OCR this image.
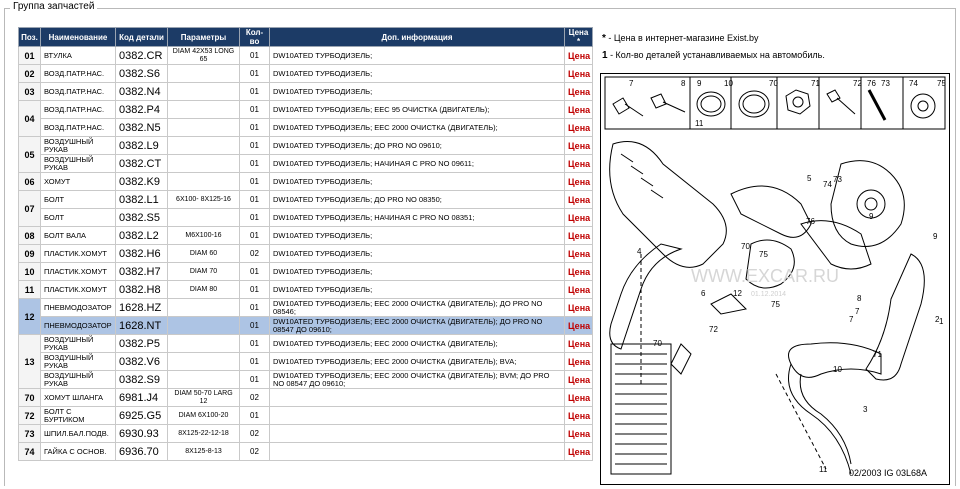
Группа запчастей
Поз.	Наименование	Код детали	Параметры	Кол-во	Доп. информация	Цена *
01	ВТУЛКА	0382.CR	DIAM 42X53 LONG 65	01	DW10ATED ТУРБОДИЗЕЛЬ;	Цена
02	ВОЗД.ПАТР.НАС.	0382.S6		01	DW10ATED ТУРБОДИЗЕЛЬ;	Цена
03	ВОЗД.ПАТР.НАС.	0382.N4		01	DW10ATED ТУРБОДИЗЕЛЬ;	Цена
04	ВОЗД.ПАТР.НАС.	0382.P4		01	DW10ATED ТУРБОДИЗЕЛЬ; EEC 95 ОЧИСТКА (ДВИГАТЕЛЬ);	Цена
	ВОЗД.ПАТР.НАС.	0382.N5		01	DW10ATED ТУРБОДИЗЕЛЬ; EEC 2000 ОЧИСТКА (ДВИГАТЕЛЬ);	Цена
05	ВОЗДУШНЫЙ РУКАВ	0382.L9		01	DW10ATED ТУРБОДИЗЕЛЬ; ДО PRO NO 09610;	Цена
	ВОЗДУШНЫЙ РУКАВ	0382.CT		01	DW10ATED ТУРБОДИЗЕЛЬ; НАЧИНАЯ С PRO NO 09611;	Цена
06	ХОМУТ	0382.K9		01	DW10ATED ТУРБОДИЗЕЛЬ;	Цена
07	БОЛТ	0382.L1	6X100- 8X125-16	01	DW10ATED ТУРБОДИЗЕЛЬ; ДО PRO NO 08350;	Цена
	БОЛТ	0382.S5		01	DW10ATED ТУРБОДИЗЕЛЬ; НАЧИНАЯ С PRO NO 08351;	Цена
08	БОЛТ ВАЛА	0382.L2	M6X100-16	01	DW10ATED ТУРБОДИЗЕЛЬ;	Цена
09	ПЛАСТИК.ХОМУТ	0382.H6	DIAM 60	02	DW10ATED ТУРБОДИЗЕЛЬ;	Цена
10	ПЛАСТИК.ХОМУТ	0382.H7	DIAM 70	01	DW10ATED ТУРБОДИЗЕЛЬ;	Цена
11	ПЛАСТИК.ХОМУТ	0382.H8	DIAM 80	01	DW10ATED ТУРБОДИЗЕЛЬ;	Цена
12	ПНЕВМОДОЗАТОР	1628.HZ		01	DW10ATED ТУРБОДИЗЕЛЬ; EEC 2000 ОЧИСТКА (ДВИГАТЕЛЬ); ДО PRO NO 08546;	Цена
	ПНЕВМОДОЗАТОР	1628.NT		01	DW10ATED ТУРБОДИЗЕЛЬ; EEC 2000 ОЧИСТКА (ДВИГАТЕЛЬ); ДО PRO NO 08547 ДО 09610;	Цена
13	ВОЗДУШНЫЙ РУКАВ	0382.P5		01	DW10ATED ТУРБОДИЗЕЛЬ; EEC 2000 ОЧИСТКА (ДВИГАТЕЛЬ);	Цена
	ВОЗДУШНЫЙ РУКАВ	0382.V6		01	DW10ATED ТУРБОДИЗЕЛЬ; EEC 2000 ОЧИСТКА (ДВИГАТЕЛЬ); BVA;	Цена
	ВОЗДУШНЫЙ РУКАВ	0382.S9		01	DW10ATED ТУРБОДИЗЕЛЬ; EEC 2000 ОЧИСТКА (ДВИГАТЕЛЬ); BVM; ДО PRO NO 08547 ДО 09610;	Цена
70	ХОМУТ ШЛАНГА	6981.J4	DIAM 50-70 LARG 12	02		Цена
72	БОЛТ С БУРТИКОМ	6925.G5	DIAM 6X100-20	01		Цена
73	ШПИЛ.БАЛ.ПОДВ.	6930.93	8X125-22-12-18	02		Цена
74	ГАЙКА С ОСНОВ.	6936.70	8X125-8-13	02		Цена
* - Цена в интернет-магазине Exist.by
1 - Кол-во деталей устанавливаемых на автомобиль.
7	8 9	10	70	71	72 76 73 74 75
11
4
5	73
74
76
9
9
70
75
12
6
72
7
8
1
2
75
71
70
10
3
11
7
WWW.EXCAR.RU
01.12.2014
02/2003 IG 03L68A
